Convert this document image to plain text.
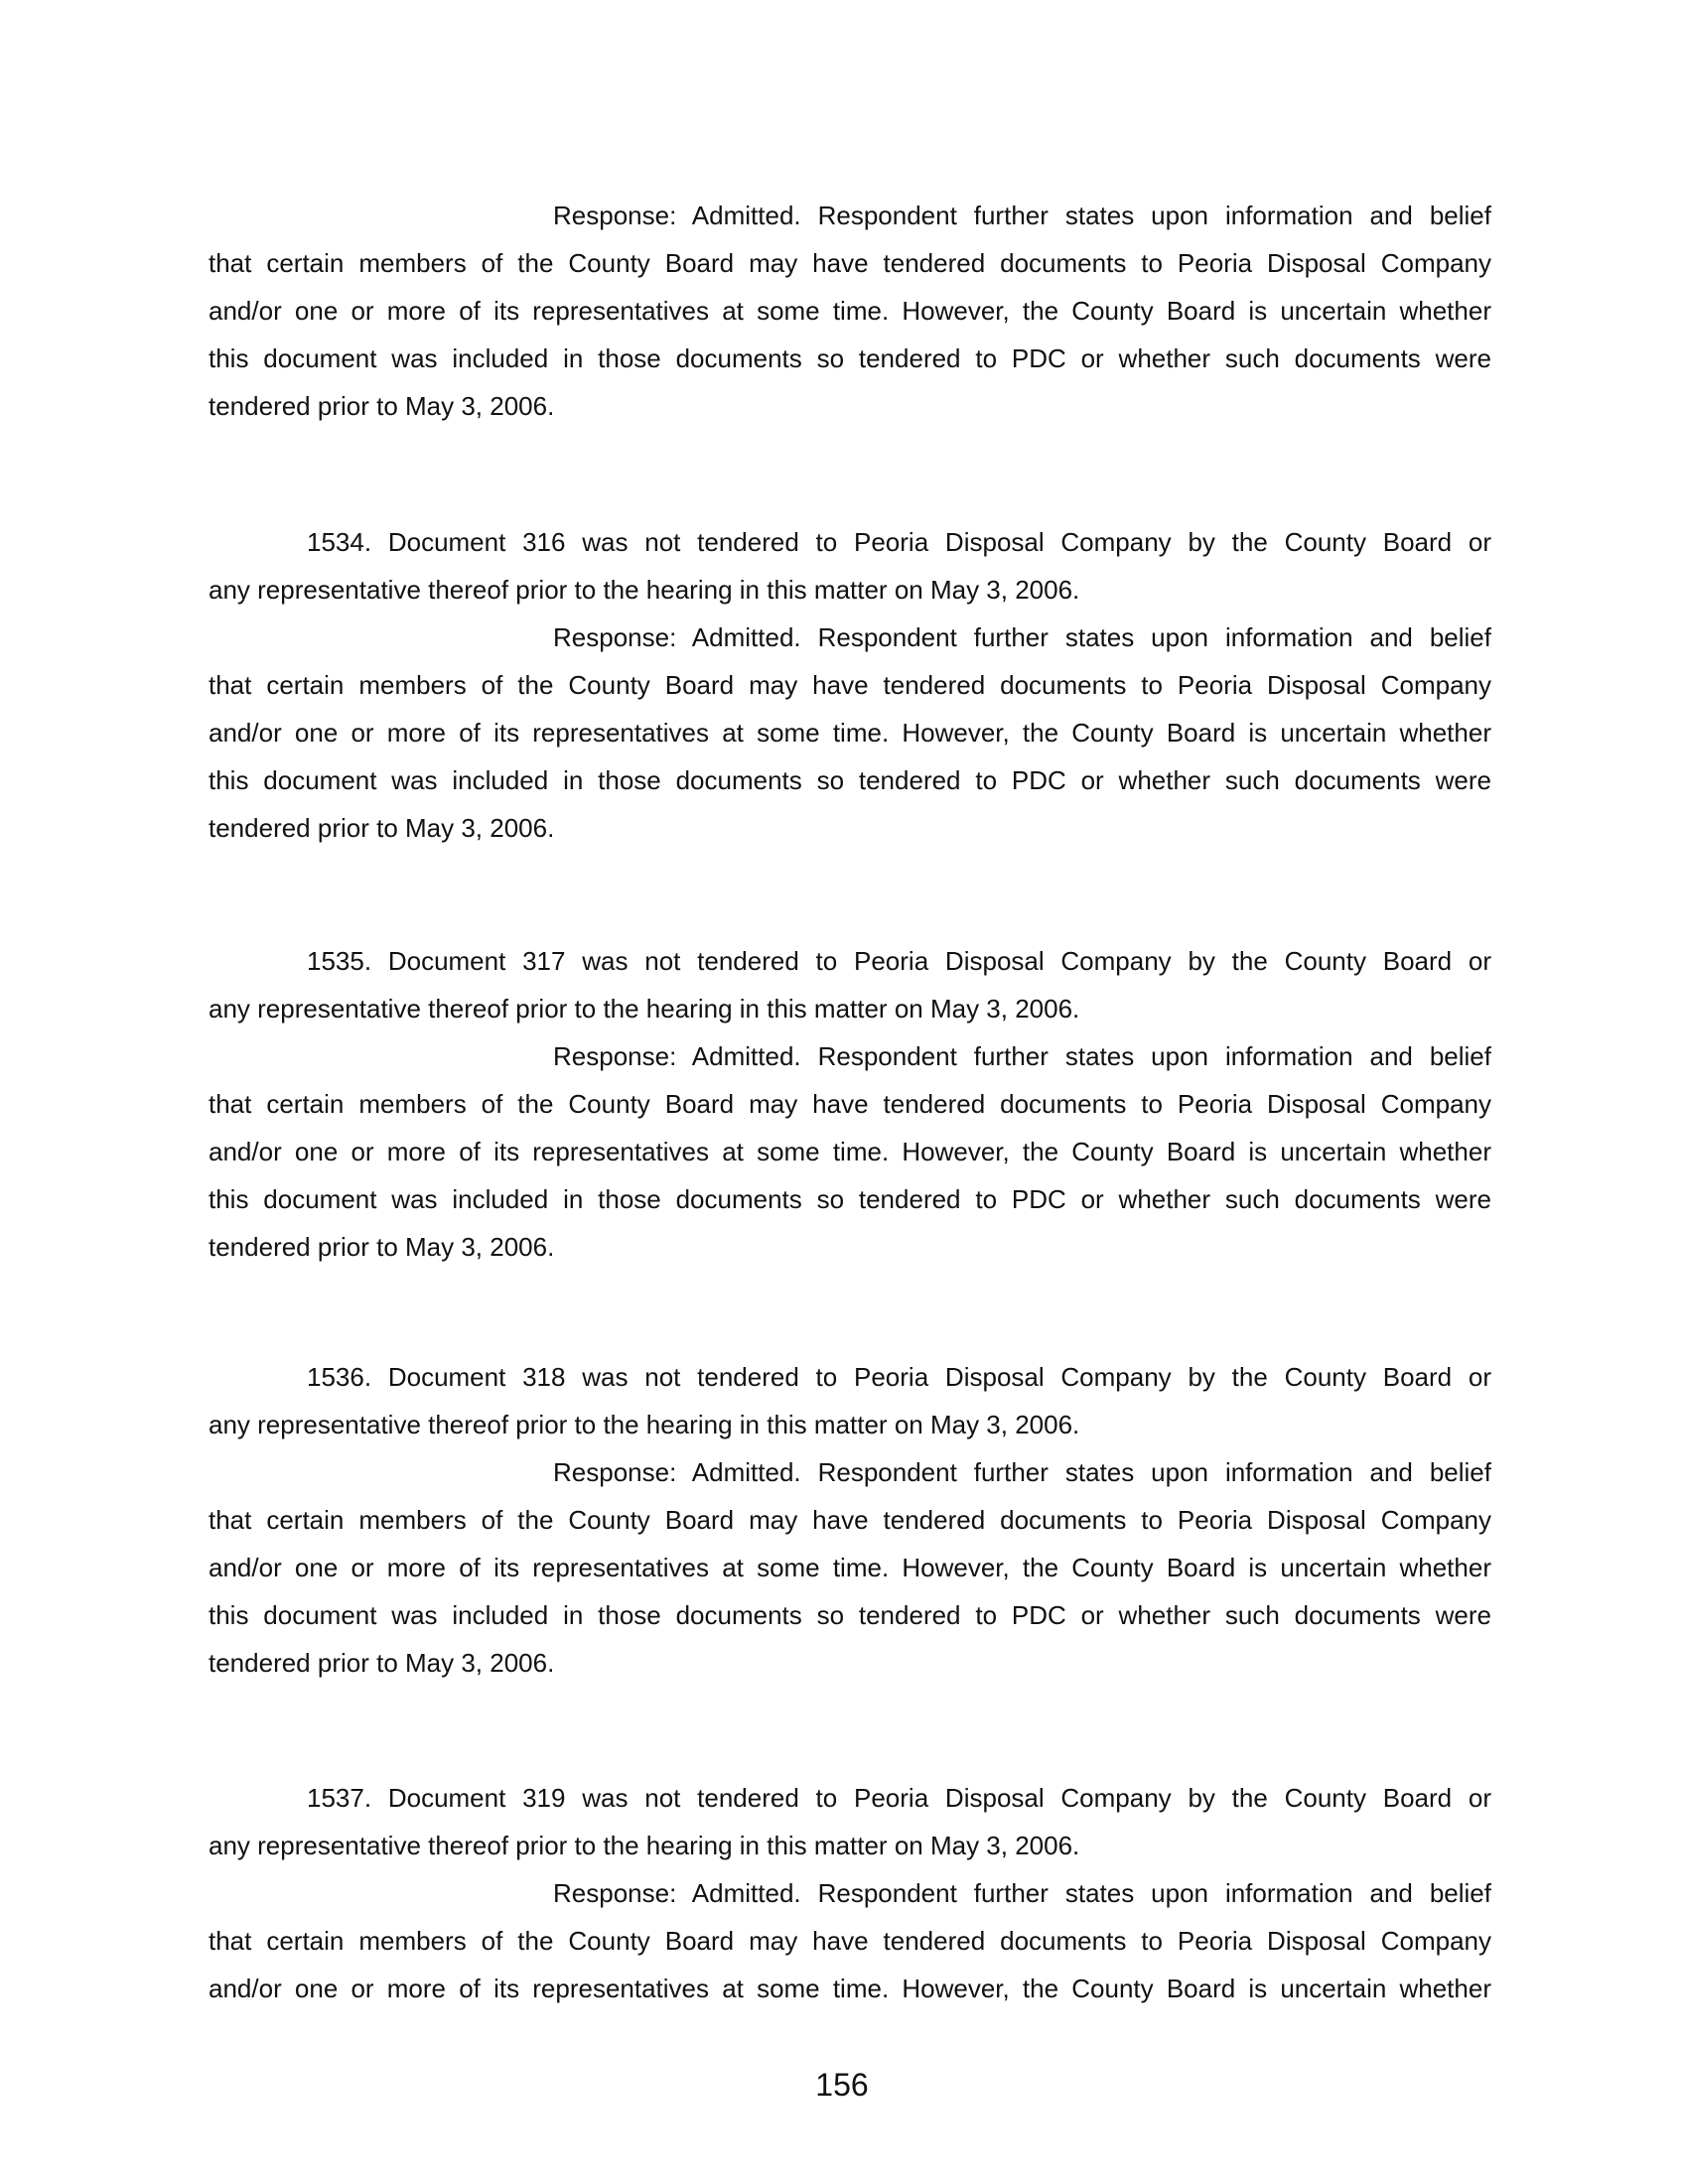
Response: Admitted. Respondent further states upon information and belief
that certain members of the County Board may have tendered documents to Peoria Disposal Company
and/or one or more of its representatives at some time. However, the County Board is uncertain whether
this document was included in those documents so tendered to PDC or whether such documents were
tendered prior to May 3, 2006.
1534. Document 316 was not tendered to Peoria Disposal Company by the County Board or
any representative thereof prior to the hearing in this matter on May 3, 2006.
Response: Admitted. Respondent further states upon information and belief
that certain members of the County Board may have tendered documents to Peoria Disposal Company
and/or one or more of its representatives at some time. However, the County Board is uncertain whether
this document was included in those documents so tendered to PDC or whether such documents were
tendered prior to May 3, 2006.
1535. Document 317 was not tendered to Peoria Disposal Company by the County Board or
any representative thereof prior to the hearing in this matter on May 3, 2006.
Response: Admitted. Respondent further states upon information and belief
that certain members of the County Board may have tendered documents to Peoria Disposal Company
and/or one or more of its representatives at some time. However, the County Board is uncertain whether
this document was included in those documents so tendered to PDC or whether such documents were
tendered prior to May 3, 2006.
1536. Document 318 was not tendered to Peoria Disposal Company by the County Board or
any representative thereof prior to the hearing in this matter on May 3, 2006.
Response: Admitted. Respondent further states upon information and belief
that certain members of the County Board may have tendered documents to Peoria Disposal Company
and/or one or more of its representatives at some time. However, the County Board is uncertain whether
this document was included in those documents so tendered to PDC or whether such documents were
tendered prior to May 3, 2006.
1537. Document 319 was not tendered to Peoria Disposal Company by the County Board or
any representative thereof prior to the hearing in this matter on May 3, 2006.
Response: Admitted. Respondent further states upon information and belief
that certain members of the County Board may have tendered documents to Peoria Disposal Company
and/or one or more of its representatives at some time. However, the County Board is uncertain whether
156
